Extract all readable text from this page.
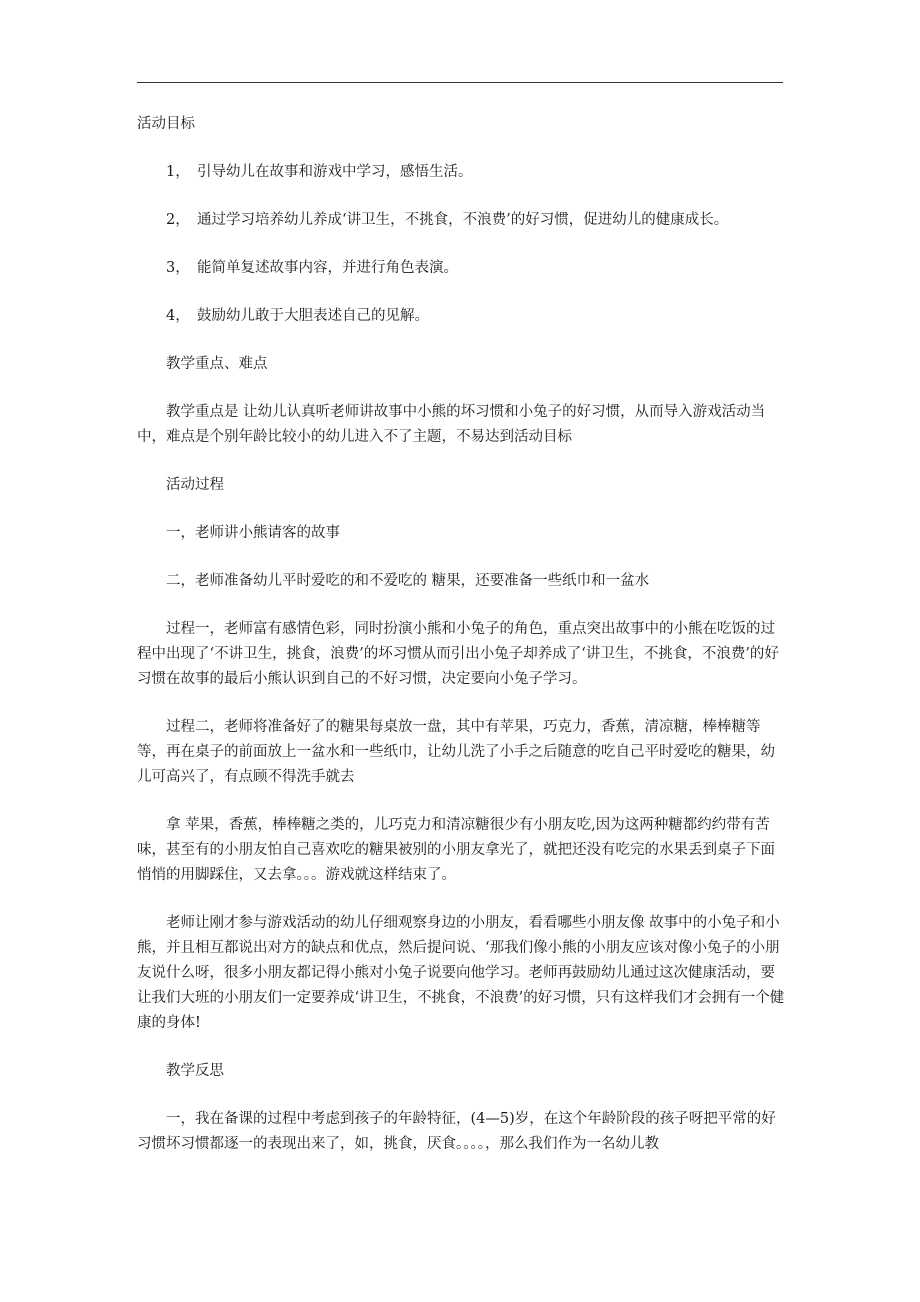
活动目标

　　1，　引导幼儿在故事和游戏中学习，感悟生活。

　　2，　通过学习培养幼儿养成‘讲卫生，不挑食，不浪费’的好习惯，促进幼儿的健康成长。

　　3，　能简单复述故事内容，并进行角色表演。

　　4，　鼓励幼儿敢于大胆表述自己的见解。

　　教学重点、难点

　　教学重点是 让幼儿认真听老师讲故事中小熊的坏习惯和小兔子的好习惯，从而导入游戏活动当中，难点是个别年龄比较小的幼儿进入不了主题，不易达到活动目标

　　活动过程

　　一，老师讲小熊请客的故事

　　二，老师准备幼儿平时爱吃的和不爱吃的 糖果，还要准备一些纸巾和一盆水

　　过程一，老师富有感情色彩，同时扮演小熊和小兔子的角色，重点突出故事中的小熊在吃饭的过程中出现了‘不讲卫生，挑食，浪费’的坏习惯从而引出小兔子却养成了‘讲卫生，不挑食，不浪费’的好习惯在故事的最后小熊认识到自己的不好习惯，决定要向小兔子学习。

　　过程二，老师将准备好了的糖果每桌放一盘，其中有苹果，巧克力，香蕉，清凉糖，棒棒糖等等，再在桌子的前面放上一盆水和一些纸巾，让幼儿洗了小手之后随意的吃自己平时爱吃的糖果，幼儿可高兴了，有点顾不得洗手就去

　　拿 苹果，香蕉，棒棒糖之类的，儿巧克力和清凉糖很少有小朋友吃,因为这两种糖都约约带有苦味，甚至有的小朋友怕自己喜欢吃的糖果被别的小朋友拿光了，就把还没有吃完的水果丢到桌子下面悄悄的用脚踩住，又去拿。。。游戏就这样结束了。

　　老师让刚才参与游戏活动的幼儿仔细观察身边的小朋友，看看哪些小朋友像 故事中的小兔子和小熊，并且相互都说出对方的缺点和优点，然后提问说、‘那我们像小熊的小朋友应该对像小兔子的小朋友说什么呀，很多小朋友都记得小熊对小兔子说要向他学习。老师再鼓励幼儿通过这次健康活动，要让我们大班的小朋友们一定要养成‘讲卫生，不挑食，不浪费’的好习惯，只有这样我们才会拥有一个健康的身体!

　　教学反思

　　一，我在备课的过程中考虑到孩子的年龄特征，(4—5)岁，在这个年龄阶段的孩子呀把平常的好习惯坏习惯都逐一的表现出来了，如，挑食，厌食。。。。，那么我们作为一名幼儿教
